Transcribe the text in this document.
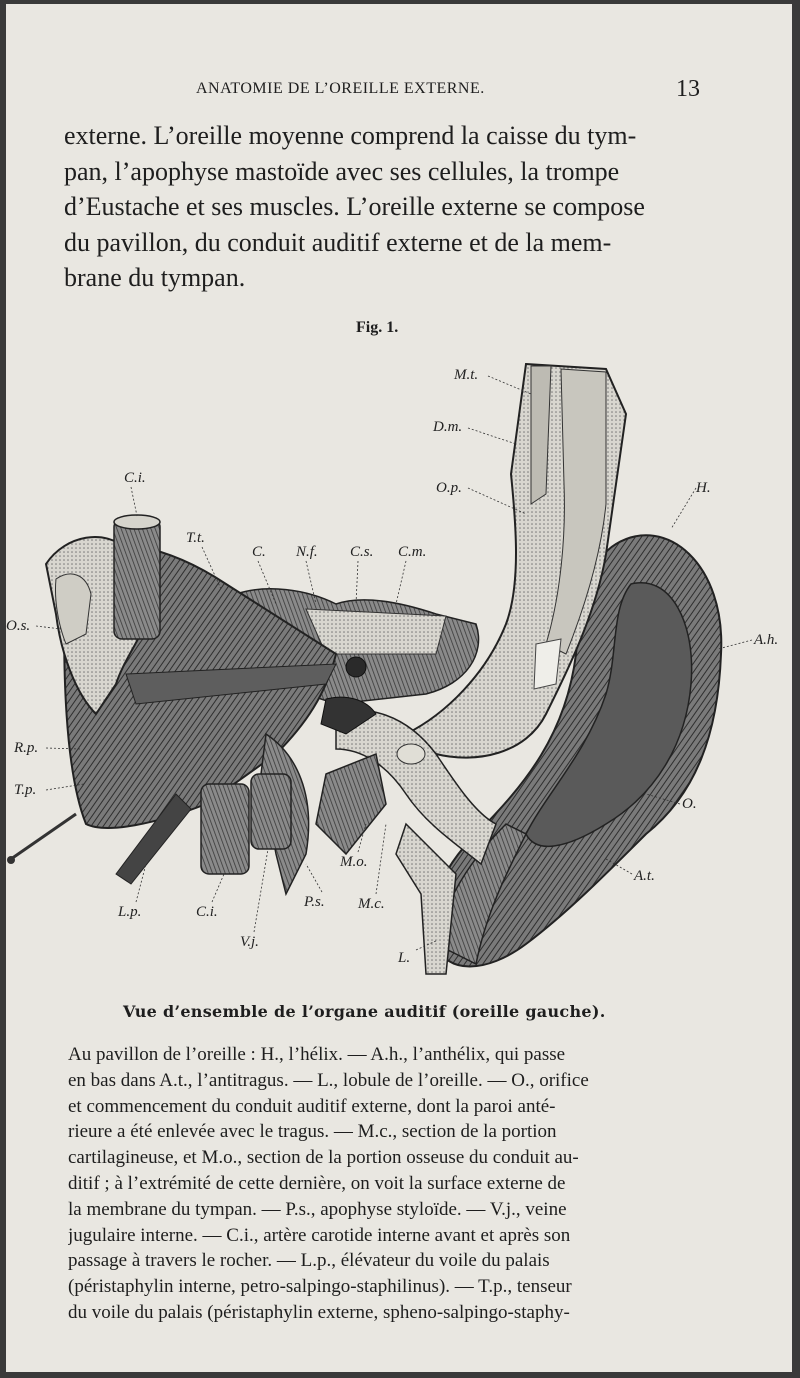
ANATOMIE DE L’OREILLE EXTERNE.	13
externe. L’oreille moyenne comprend la caisse du tym-
pan, l’apophyse mastoïde avec ses cellules, la trompe
d’Eustache et ses muscles. L’oreille externe se compose
du pavillon, du conduit auditif externe et de la mem-
brane du tympan.
Fig. 1.
M.t.
D.m.
O.p.	H.
C.i.
T.t.
C. N.f. C.s. C.m.
O.s.
A.h.
R.p.
T.p.
O.
M.o.
A.t.
P.s. M.c.
L.p.	C.i.
V.j.
L.
Vue d’ensemble de l’organe auditif (oreille gauche).
Au pavillon de l’oreille : H., l’hélix. — A.h., l’anthélix, qui passe
en bas dans A.t., l’antitragus. — L., lobule de l’oreille. — O., orifice
et commencement du conduit auditif externe, dont la paroi anté-
rieure a été enlevée avec le tragus. — M.c., section de la portion
cartilagineuse, et M.o., section de la portion osseuse du conduit au-
ditif ; à l’extrémité de cette dernière, on voit la surface externe de
la membrane du tympan. — P.s., apophyse styloïde. — V.j., veine
jugulaire interne. — C.i., artère carotide interne avant et après son
passage à travers le rocher. — L.p., élévateur du voile du palais
(péristaphylin interne, petro-salpingo-staphilinus). — T.p., tenseur
du voile du palais (péristaphylin externe, spheno-salpingo-staphy-
